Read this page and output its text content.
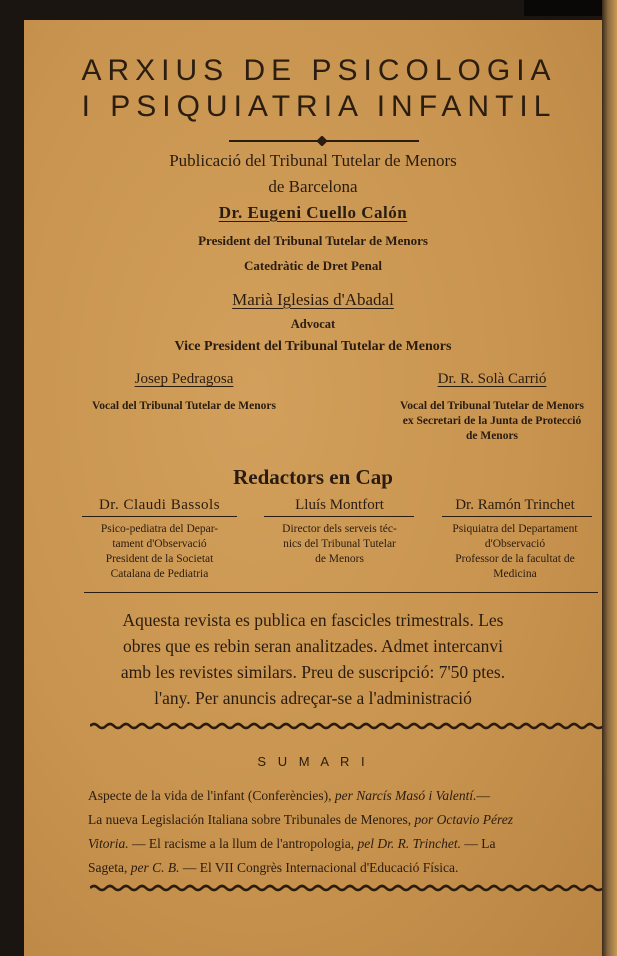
ARXIUS DE PSICOLOGIA
I PSIQUIATRIA INFANTIL
Publicació del Tribunal Tutelar de Menors
de Barcelona
Dr. Eugeni Cuello Calón
President del Tribunal Tutelar de Menors
Catedràtic de Dret Penal
Marià Iglesias d'Abadal
Advocat
Vice President del Tribunal Tutelar de Menors
Josep Pedragosa
Vocal del Tribunal Tutelar de Menors
Dr. R. Solà Carrió
Vocal del Tribunal Tutelar de Menors
ex Secretari de la Junta de Protecció
de Menors
Redactors en Cap
Dr. Claudi Bassols
Psico-pediatra del Depar-
tament d'Observació
President de la Societat
Catalana de Pediatria
Lluís Montfort
Director dels serveis téc-
nics del Tribunal Tutelar
de Menors
Dr. Ramón Trinchet
Psiquiatra del Departament
d'Observació
Professor de la facultat de
Medicina
Aquesta revista es publica en fascicles trimestrals. Les
obres que es rebin seran analitzades. Admet intercanvi
amb les revistes similars. Preu de suscripció: 7'50 ptes.
l'any. Per anuncis adreçar-se a l'administració
S U M A R I
Aspecte de la vida de l'infant (Conferències), per Narcís Masó i Valentí.—
La nueva Legislación Italiana sobre Tribunales de Menores, por Octavio Pérez
Vitoria. — El racisme a la llum de l'antropologia, pel Dr. R. Trinchet. — La
Sageta, per C. B. — El VII Congrès Internacional d'Educació Física.
